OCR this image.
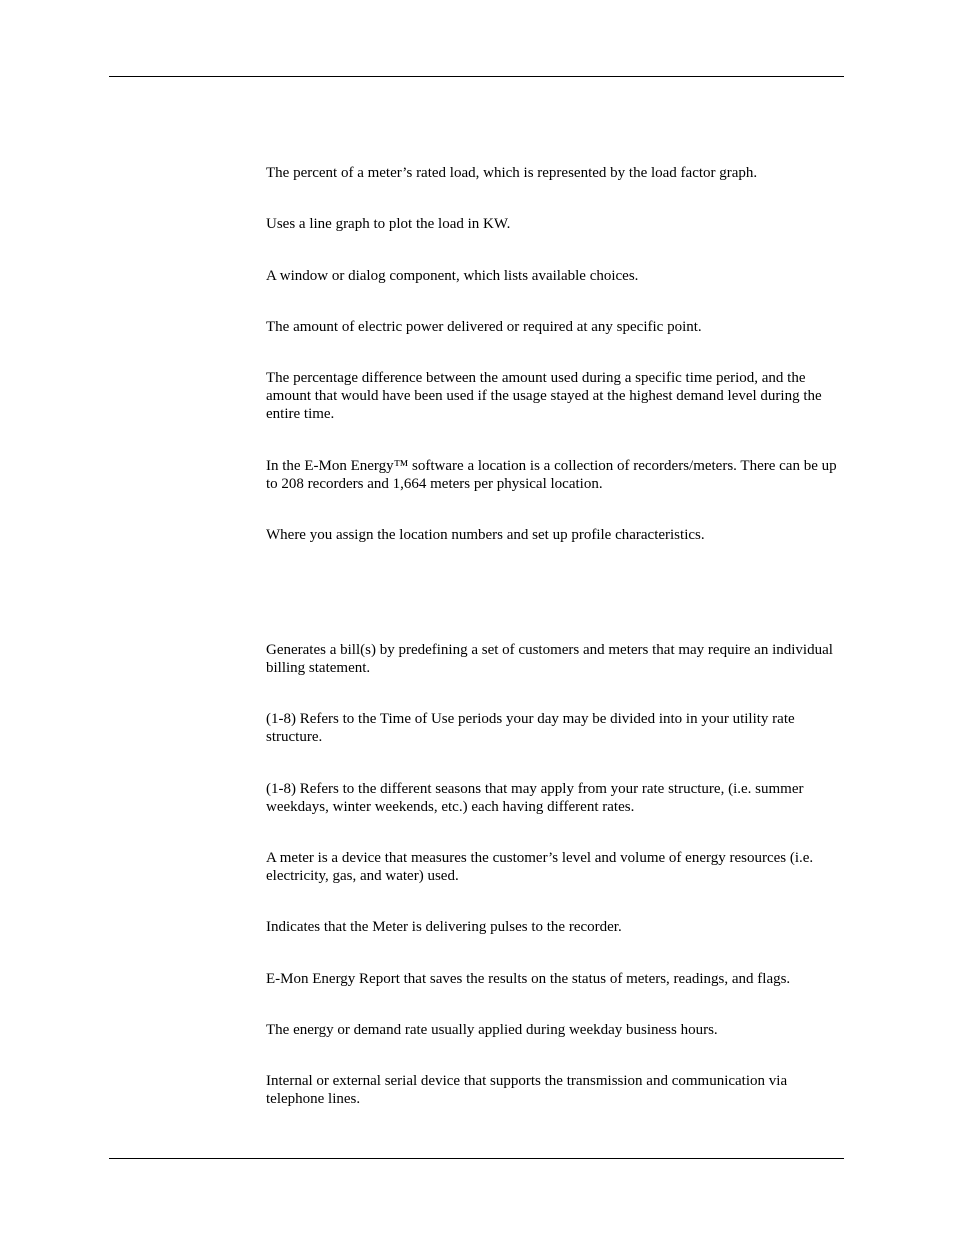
The percent of a meter’s rated load, which is represented by the load factor graph.

Uses a line graph to plot the load in KW.

A window or dialog component, which lists available choices.

The amount of electric power delivered or required at any specific point.

The percentage difference between the amount used during a specific time period, and the amount that would have been used if the usage stayed at the highest demand level during the entire time.

In the E-Mon Energy™ software a location is a collection of recorders/meters. There can be up to 208 recorders and 1,664 meters per physical location.

Where you assign the location numbers and set up profile characteristics.

Generates a bill(s) by predefining a set of customers and meters that may require an individual billing statement.

(1-8) Refers to the Time of Use periods your day may be divided into in your utility rate structure.

(1-8) Refers to the different seasons that may apply from your rate structure, (i.e. summer weekdays, winter weekends, etc.) each having different rates.

A meter is a device that measures the customer’s level and volume of energy resources (i.e. electricity, gas, and water) used.

Indicates that the Meter is delivering pulses to the recorder.

E-Mon Energy Report that saves the results on the status of meters, readings, and flags.

The energy or demand rate usually applied during weekday business hours.

Internal or external serial device that supports the transmission and communication via telephone lines.
